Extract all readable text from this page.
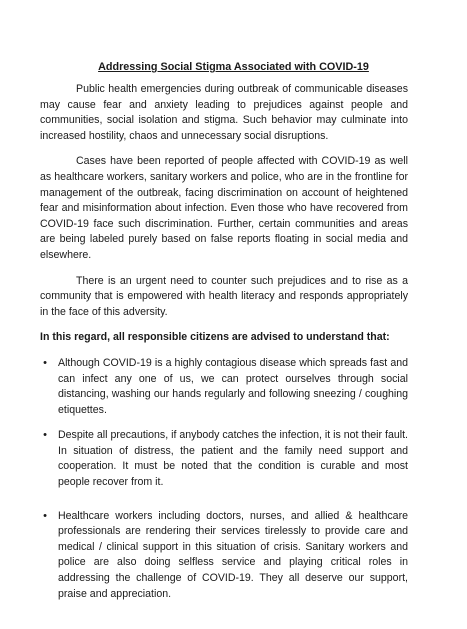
Addressing Social Stigma Associated with COVID-19

Public health emergencies during outbreak of communicable diseases may cause fear and anxiety leading to prejudices against people and communities, social isolation and stigma. Such behavior may culminate into increased hostility, chaos and unnecessary social disruptions.

Cases have been reported of people affected with COVID-19 as well as healthcare workers, sanitary workers and police, who are in the frontline for management of the outbreak, facing discrimination on account of heightened fear and misinformation about infection. Even those who have recovered from COVID-19 face such discrimination. Further, certain communities and areas are being labeled purely based on false reports floating in social media and elsewhere.

There is an urgent need to counter such prejudices and to rise as a community that is empowered with health literacy and responds appropriately in the face of this adversity.

In this regard, all responsible citizens are advised to understand that:

• Although COVID-19 is a highly contagious disease which spreads fast and can infect any one of us, we can protect ourselves through social distancing, washing our hands regularly and following sneezing / coughing etiquettes.
• Despite all precautions, if anybody catches the infection, it is not their fault. In situation of distress, the patient and the family need support and cooperation. It must be noted that the condition is curable and most people recover from it.
• Healthcare workers including doctors, nurses, and allied & healthcare professionals are rendering their services tirelessly to provide care and medical / clinical support in this situation of crisis. Sanitary workers and police are also doing selfless service and playing critical roles in addressing the challenge of COVID-19. They all deserve our support, praise and appreciation.
